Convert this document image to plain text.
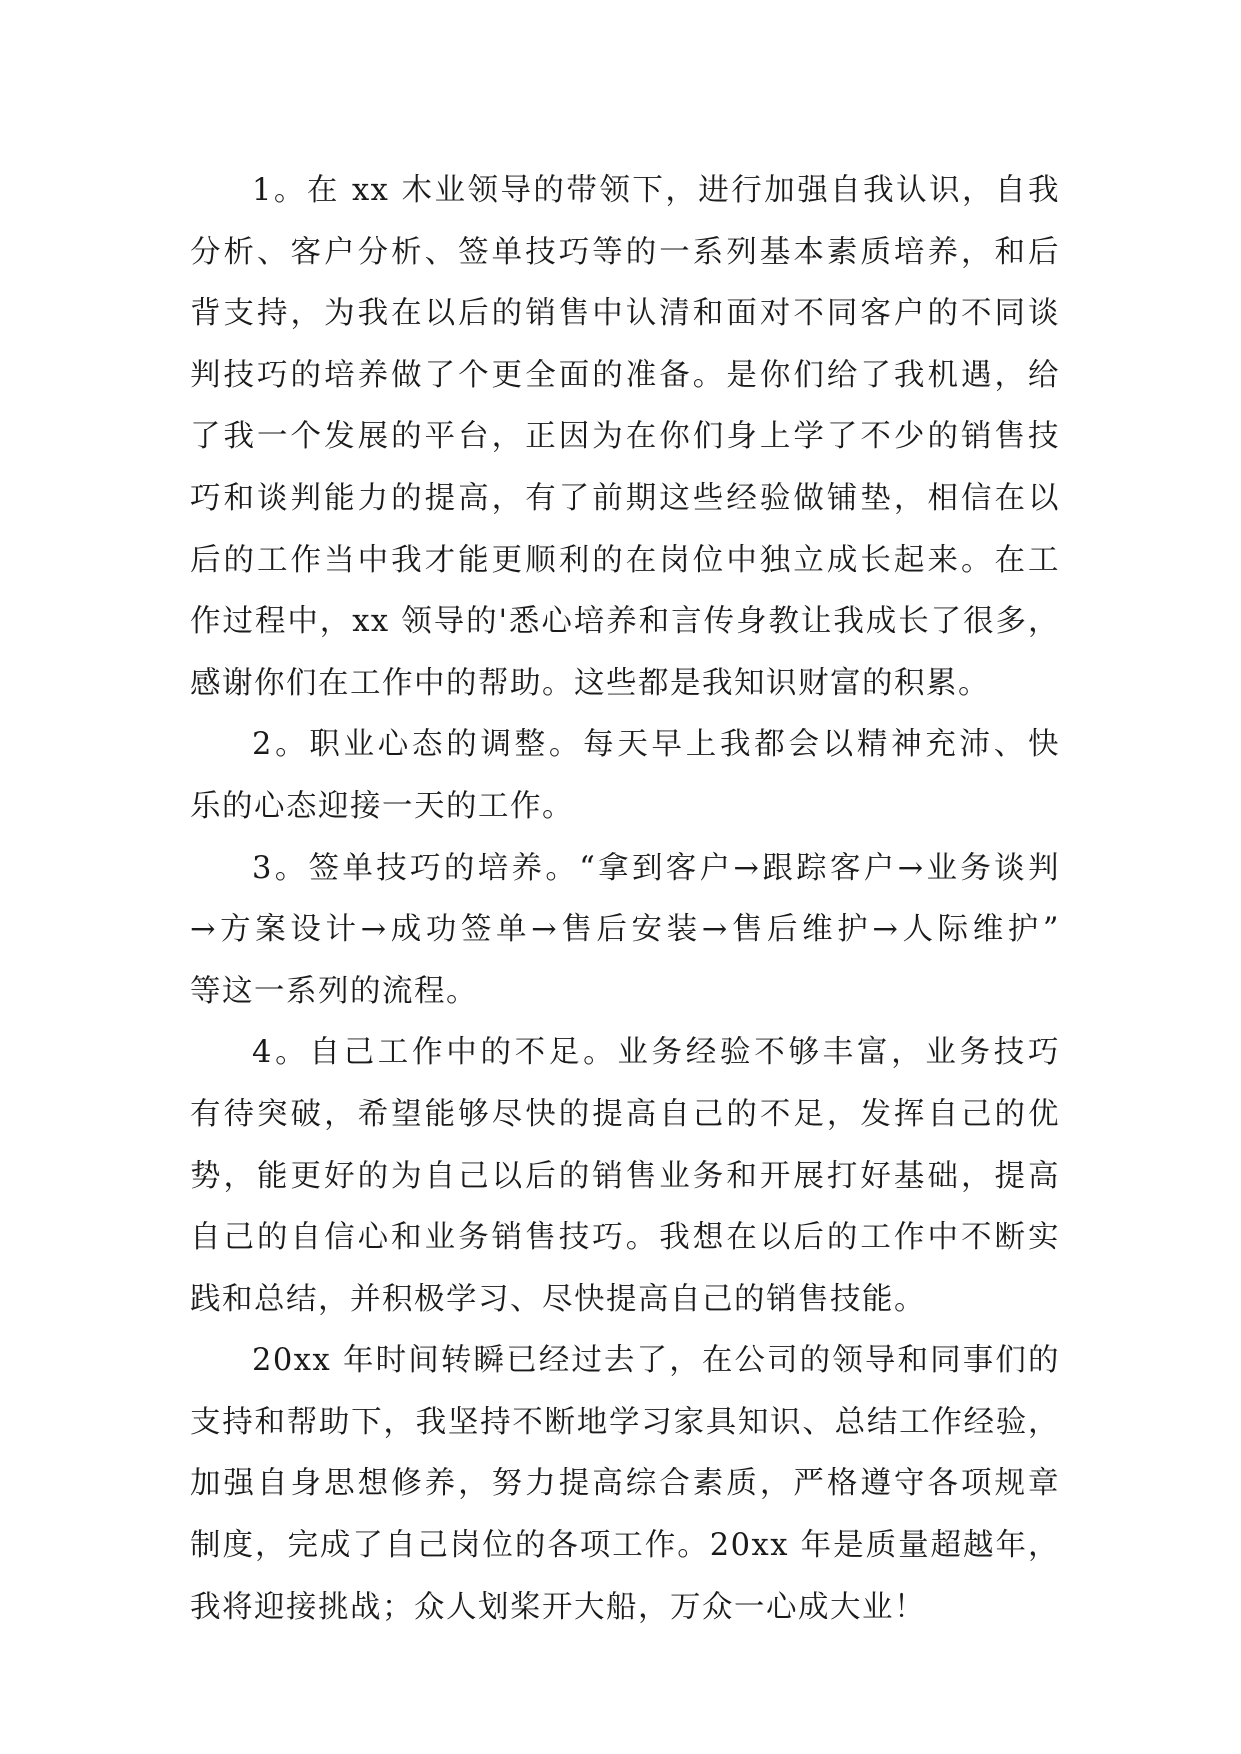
1。在 xx 木业领导的带领下，进行加强自我认识，自我
分析、客户分析、签单技巧等的一系列基本素质培养，和后
背支持，为我在以后的销售中认清和面对不同客户的不同谈
判技巧的培养做了个更全面的准备。是你们给了我机遇，给
了我一个发展的平台，正因为在你们身上学了不少的销售技
巧和谈判能力的提高，有了前期这些经验做铺垫，相信在以
后的工作当中我才能更顺利的在岗位中独立成长起来。在工
作过程中，xx 领导的'悉心培养和言传身教让我成长了很多，
感谢你们在工作中的帮助。这些都是我知识财富的积累。
2。职业心态的调整。每天早上我都会以精神充沛、快
乐的心态迎接一天的工作。
3。签单技巧的培养。“拿到客户→跟踪客户→业务谈判
→方案设计→成功签单→售后安装→售后维护→人际维护”
等这一系列的流程。
4。自己工作中的不足。业务经验不够丰富，业务技巧
有待突破，希望能够尽快的提高自己的不足，发挥自己的优
势，能更好的为自己以后的销售业务和开展打好基础，提高
自己的自信心和业务销售技巧。我想在以后的工作中不断实
践和总结，并积极学习、尽快提高自己的销售技能。
20xx 年时间转瞬已经过去了，在公司的领导和同事们的
支持和帮助下，我坚持不断地学习家具知识、总结工作经验，
加强自身思想修养，努力提高综合素质，严格遵守各项规章
制度，完成了自己岗位的各项工作。20xx 年是质量超越年，
我将迎接挑战；众人划桨开大船，万众一心成大业！
